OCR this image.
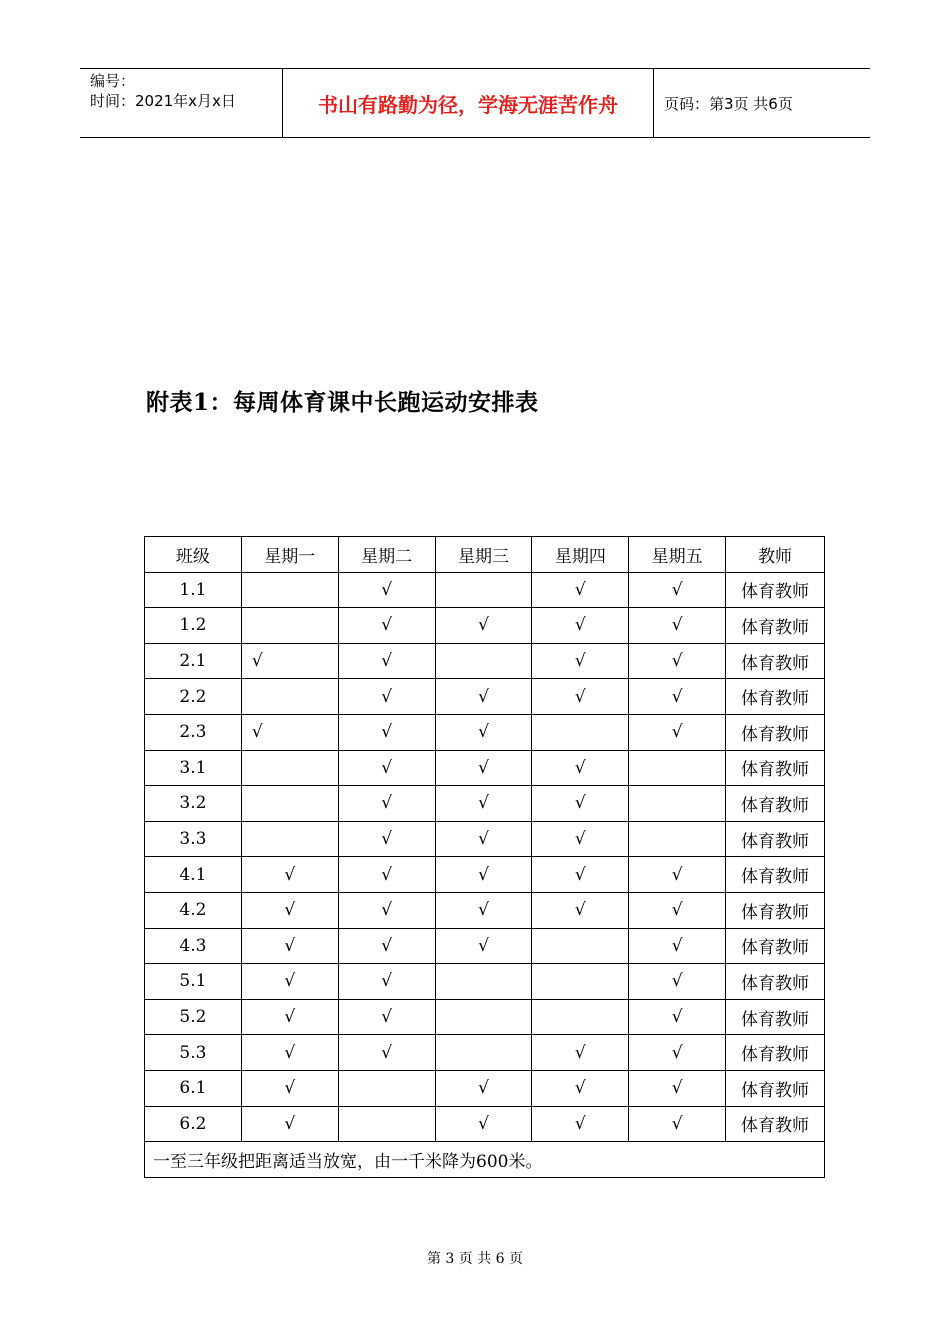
编号：
时间：2021年x月x日	书山有路勤为径，学海无涯苦作舟	页码：第3页 共6页
附表1：每周体育课中长跑运动安排表
班级	星期一	星期二	星期三	星期四	星期五	教师
1.1		√		√	√	体育教师
1.2		√	√	√	√	体育教师
2.1	√	√		√	√	体育教师
2.2		√	√	√	√	体育教师
2.3	√	√	√		√	体育教师
3.1		√	√	√		体育教师
3.2		√	√	√		体育教师
3.3		√	√	√		体育教师
4.1	√	√	√	√	√	体育教师
4.2	√	√	√	√	√	体育教师
4.3	√	√	√		√	体育教师
5.1	√	√			√	体育教师
5.2	√	√			√	体育教师
5.3	√	√		√	√	体育教师
6.1	√		√	√	√	体育教师
6.2	√		√	√	√	体育教师
一至三年级把距离适当放宽，由一千米降为600米。						
第 3 页 共 6 页
